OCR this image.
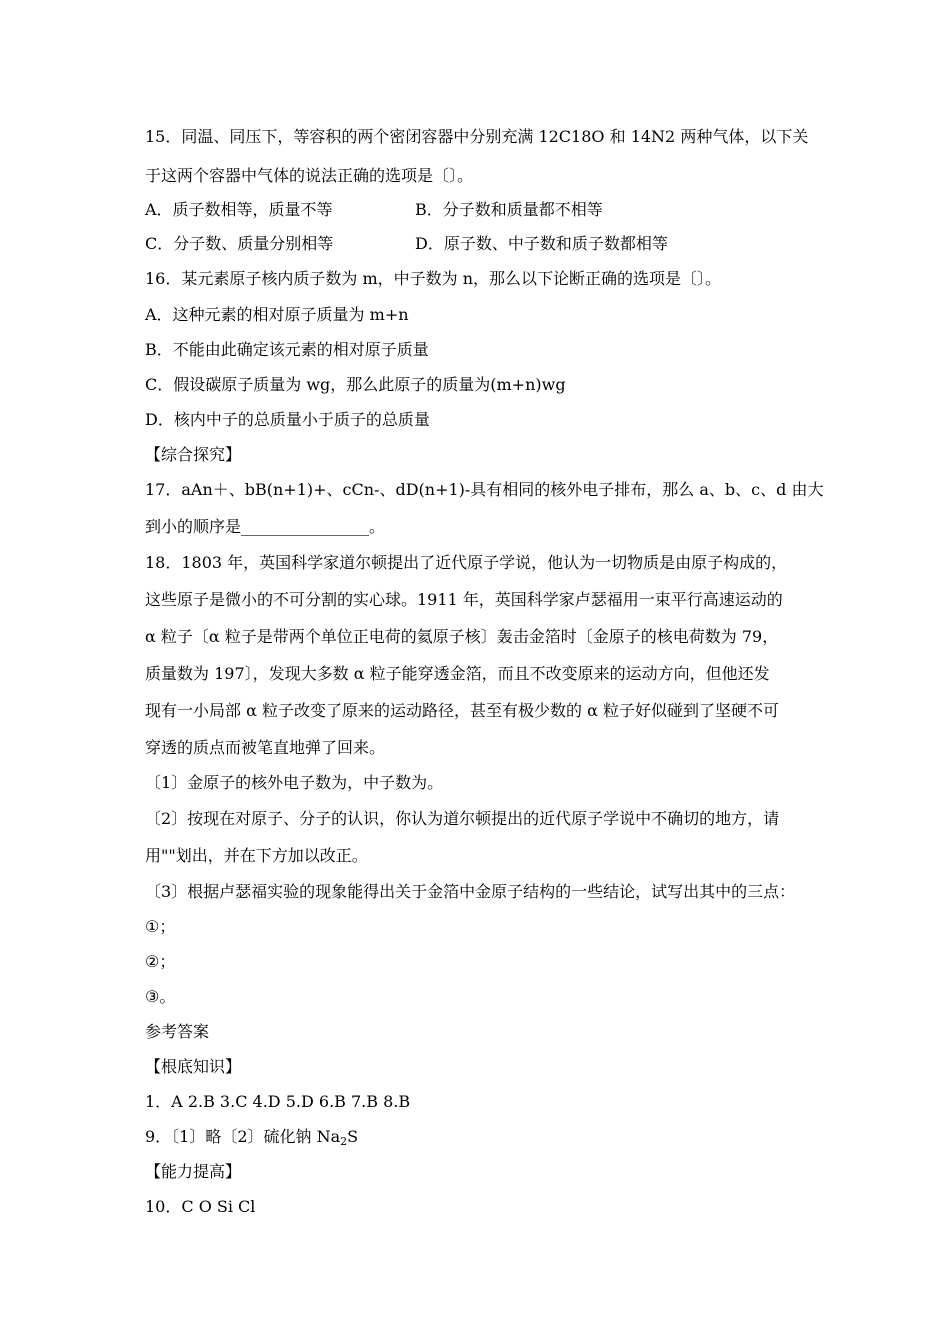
15．同温、同压下，等容积的两个密闭容器中分别充满 12C18O 和 14N2 两种气体，以下关
于这两个容器中气体的说法正确的选项是〔〕。
A．质子数相等，质量不等	B．分子数和质量都不相等
C．分子数、质量分别相等	D．原子数、中子数和质子数都相等
16．某元素原子核内质子数为 m，中子数为 n，那么以下论断正确的选项是〔〕。
A．这种元素的相对原子质量为 m+n
B．不能由此确定该元素的相对原子质量
C．假设碳原子质量为 wg，那么此原子的质量为(m+n)wg
D．核内中子的总质量小于质子的总质量
【综合探究】
17．aAn＋、bB(n+1)+、cCn-、dD(n+1)-具有相同的核外电子排布，那么 a、b、c、d 由大
到小的顺序是________________。
18．1803 年，英国科学家道尔顿提出了近代原子学说，他认为一切物质是由原子构成的，
这些原子是微小的不可分割的实心球。1911 年，英国科学家卢瑟福用一束平行高速运动的
α 粒子〔α 粒子是带两个单位正电荷的氦原子核〕轰击金箔时〔金原子的核电荷数为 79，
质量数为 197〕，发现大多数 α 粒子能穿透金箔，而且不改变原来的运动方向，但他还发
现有一小局部 α 粒子改变了原来的运动路径，甚至有极少数的 α 粒子好似碰到了坚硬不可
穿透的质点而被笔直地弹了回来。
〔1〕金原子的核外电子数为，中子数为。
〔2〕按现在对原子、分子的认识，你认为道尔顿提出的近代原子学说中不确切的地方，请
用""划出，并在下方加以改正。
〔3〕根据卢瑟福实验的现象能得出关于金箔中金原子结构的一些结论，试写出其中的三点：
①；
②；
③。
参考答案
【根底知识】
1．A 2.B 3.C 4.D 5.D 6.B 7.B 8.B
9．〔1〕略〔2〕硫化钠 $Na_2S$
【能力提高】
10．C O Si Cl
